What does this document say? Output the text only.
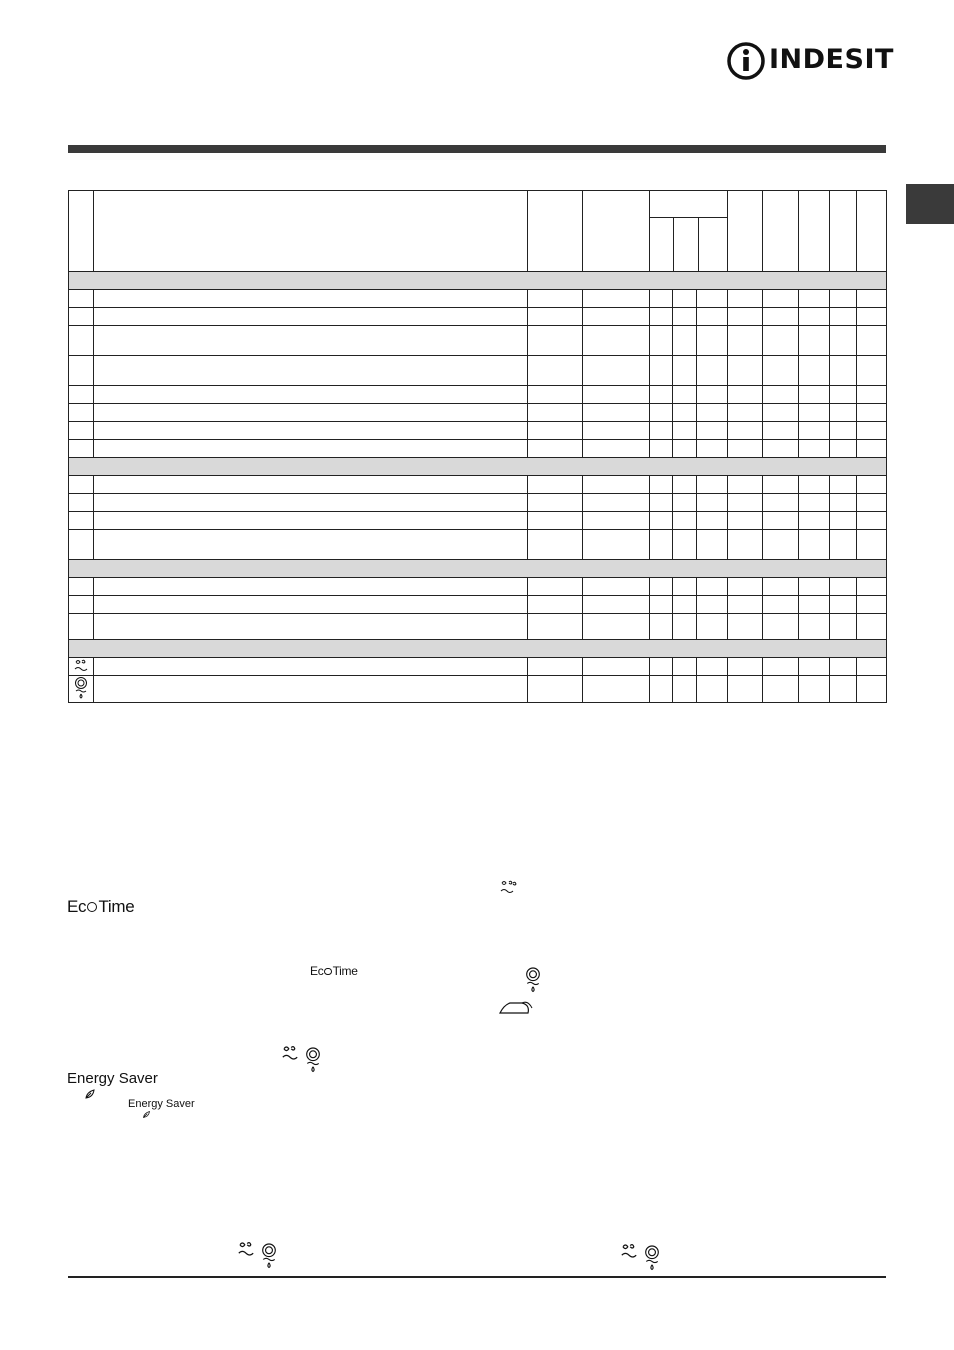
INDESIT

Ec Time
Ec Time
Energy Saver
Energy Saver
